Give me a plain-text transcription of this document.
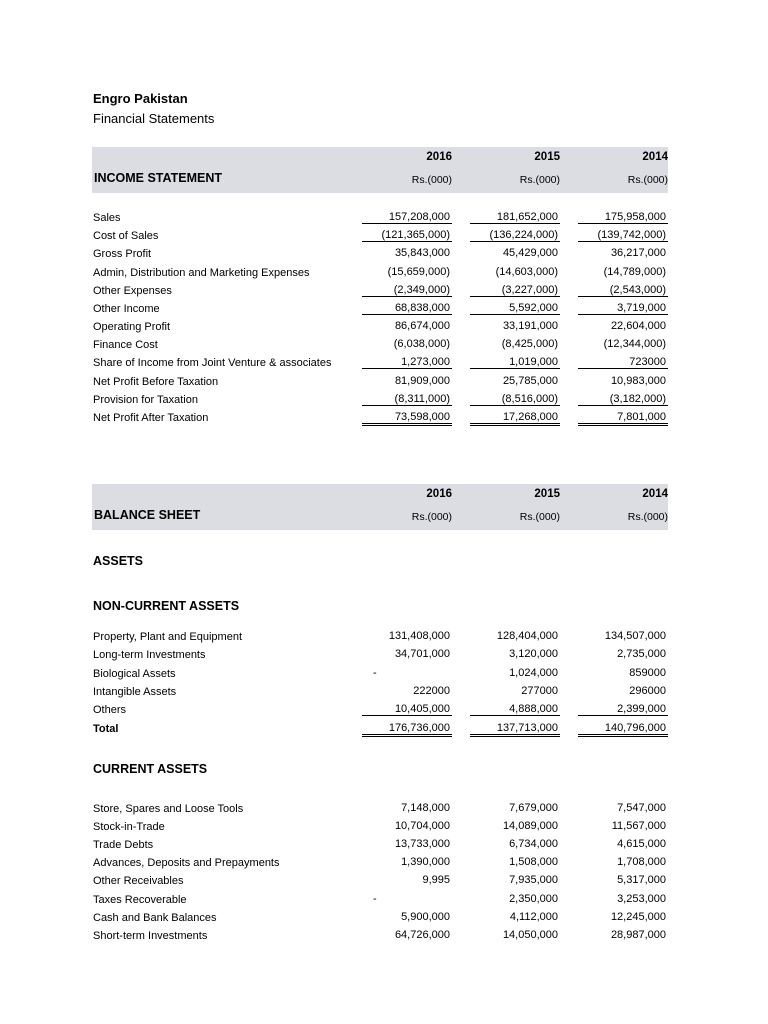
Engro Pakistan
Financial Statements
INCOME STATEMENT
2016	2015	2014
Rs.(000)	Rs.(000)	Rs.(000)
Sales	157,208,000	181,652,000	175,958,000
Cost of Sales	(121,365,000)	(136,224,000)	(139,742,000)
Gross Profit	35,843,000	45,429,000	36,217,000
Admin, Distribution and Marketing Expenses	(15,659,000)	(14,603,000)	(14,789,000)
Other Expenses	(2,349,000)	(3,227,000)	(2,543,000)
Other Income	68,838,000	5,592,000	3,719,000
Operating Profit	86,674,000	33,191,000	22,604,000
Finance Cost	(6,038,000)	(8,425,000)	(12,344,000)
Share of Income from Joint Venture & associates	1,273,000	1,019,000	723000
Net Profit Before Taxation	81,909,000	25,785,000	10,983,000
Provision for Taxation	(8,311,000)	(8,516,000)	(3,182,000)
Net Profit After Taxation	73,598,000	17,268,000	7,801,000
BALANCE SHEET
2016	2015	2014
Rs.(000)	Rs.(000)	Rs.(000)
ASSETS
NON-CURRENT ASSETS
Property, Plant and Equipment	131,408,000	128,404,000	134,507,000
Long-term Investments	34,701,000	3,120,000	2,735,000
Biological Assets	-	1,024,000	859000
Intangible Assets	222000	277000	296000
Others	10,405,000	4,888,000	2,399,000
Total	176,736,000	137,713,000	140,796,000
CURRENT ASSETS
Store, Spares and Loose Tools	7,148,000	7,679,000	7,547,000
Stock-in-Trade	10,704,000	14,089,000	11,567,000
Trade Debts	13,733,000	6,734,000	4,615,000
Advances, Deposits and Prepayments	1,390,000	1,508,000	1,708,000
Other Receivables	9,995	7,935,000	5,317,000
Taxes Recoverable	-	2,350,000	3,253,000
Cash and Bank Balances	5,900,000	4,112,000	12,245,000
Short-term Investments	64,726,000	14,050,000	28,987,000
